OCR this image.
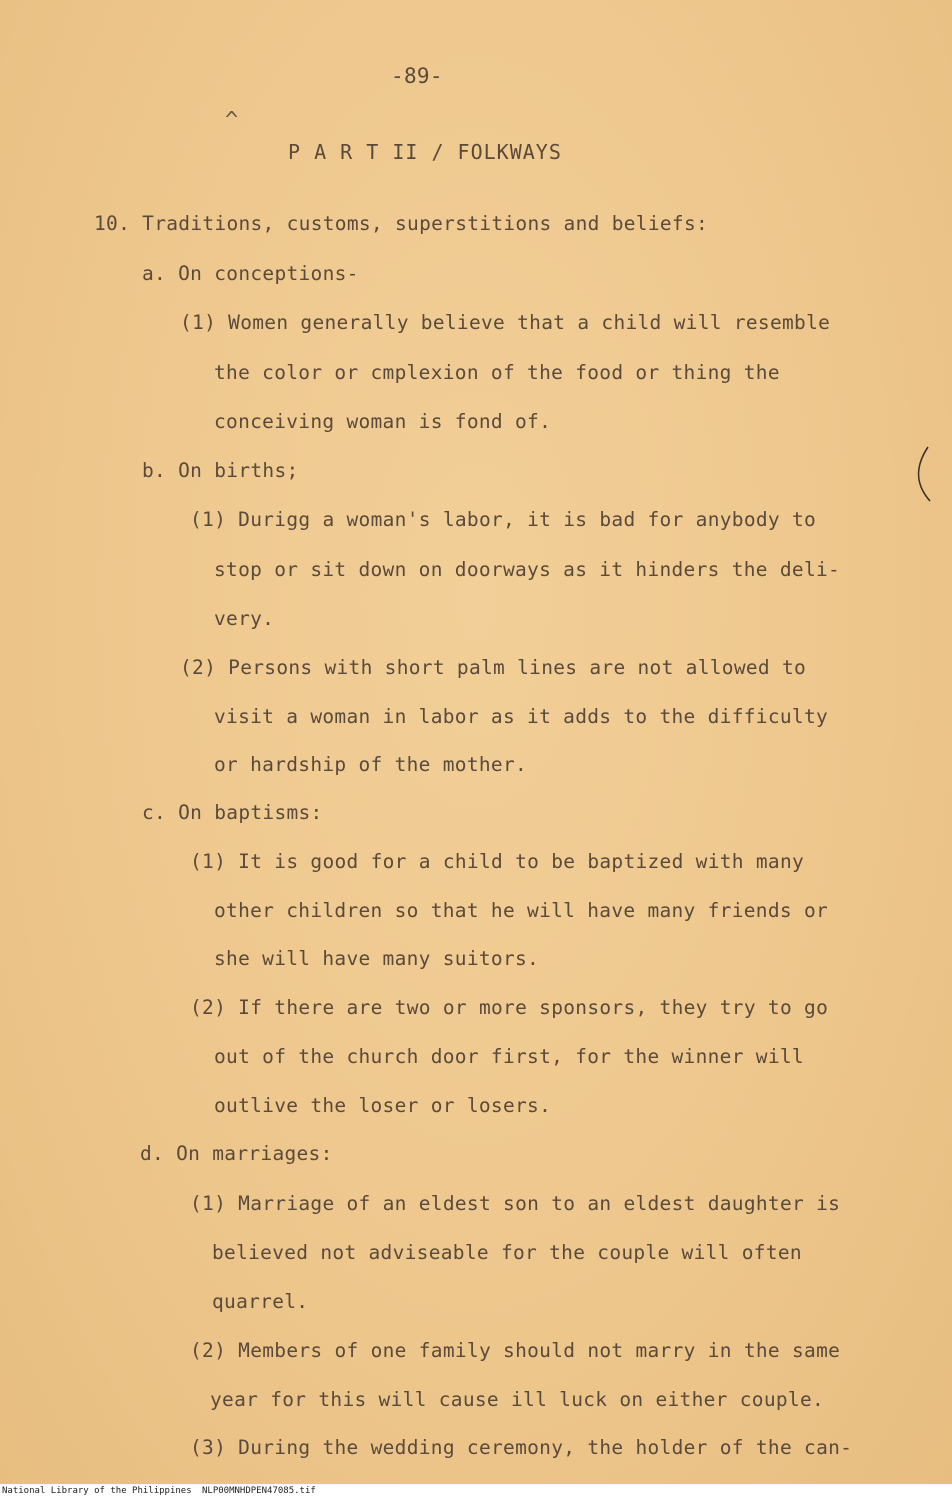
-89-
^
P A R T II / FOLKWAYS
10. Traditions, customs, superstitions and beliefs:
a. On conceptions-
(1) Women generally believe that a child will resemble
the color or cmplexion of the food or thing the
conceiving woman is fond of.
b. On births;
(1) Durigg a woman's labor, it is bad for anybody to
stop or sit down on doorways as it hinders the deli-
very.
(2) Persons with short palm lines are not allowed to
visit a woman in labor as it adds to the difficulty
or hardship of the mother.
c. On baptisms:
(1) It is good for a child to be baptized with many
other children so that he will have many friends or
she will have many suitors.
(2) If there are two or more sponsors, they try to go
out of the church door first, for the winner will
outlive the loser or losers.
d. On marriages:
(1) Marriage of an eldest son to an eldest daughter is
believed not adviseable for the couple will often
quarrel.
(2) Members of one family should not marry in the same
year for this will cause ill luck on either couple.
(3) During the wedding ceremony, the holder of the can-
National Library of the Philippines NLP00MNHDPEN47085.tif
